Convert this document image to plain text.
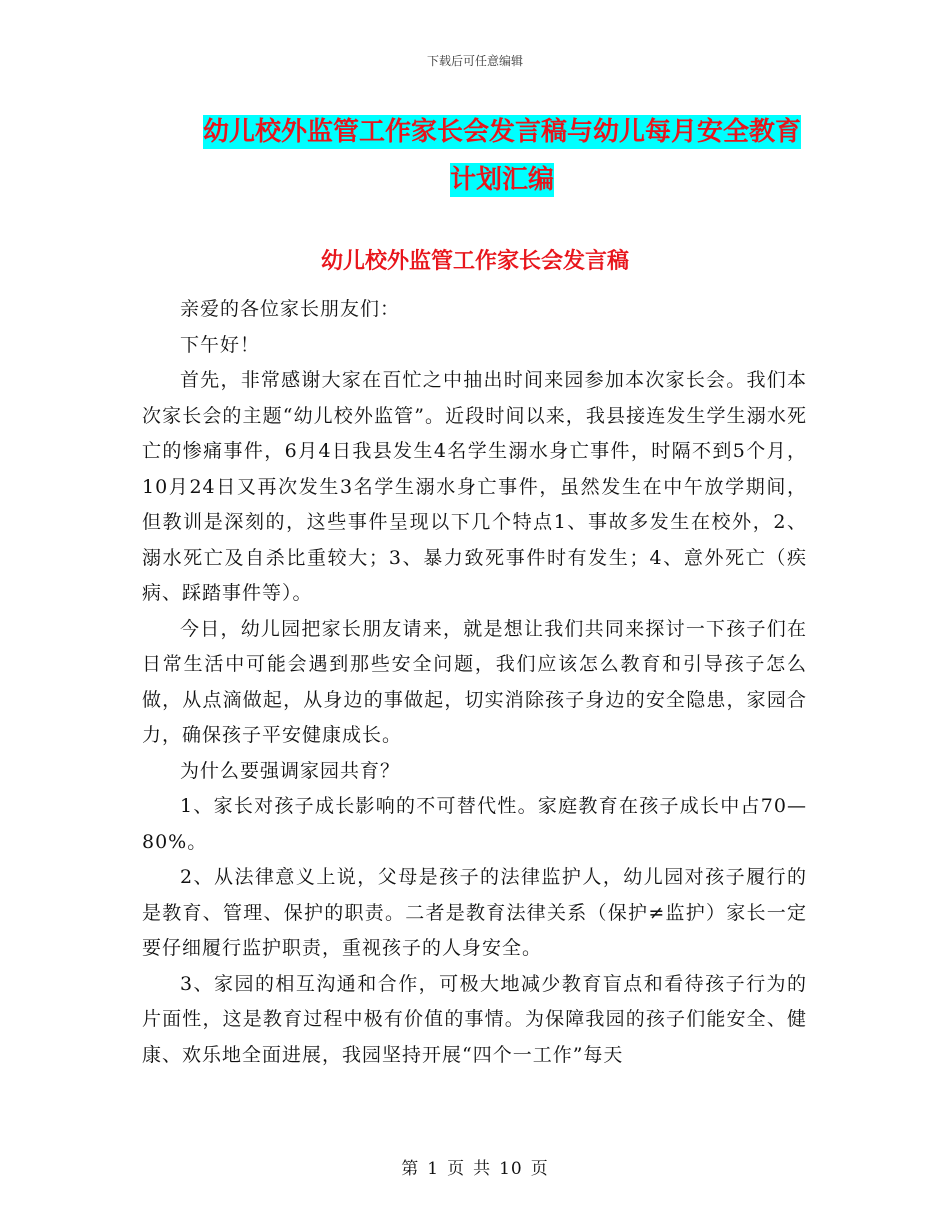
下载后可任意编辑
幼儿校外监管工作家长会发言稿与幼儿每月安全教育计划汇编
幼儿校外监管工作家长会发言稿

亲爱的各位家长朋友们：

下午好！

首先，非常感谢大家在百忙之中抽出时间来园参加本次家长会。我们本次家长会的主题“幼儿校外监管”。近段时间以来，我县接连发生学生溺水死亡的惨痛事件，6月4日我县发生4名学生溺水身亡事件，时隔不到5个月，10月24日又再次发生3名学生溺水身亡事件，虽然发生在中午放学期间，但教训是深刻的，这些事件呈现以下几个特点1、事故多发生在校外，2、溺水死亡及自杀比重较大；3、暴力致死事件时有发生；4、意外死亡（疾病、踩踏事件等）。

今日，幼儿园把家长朋友请来，就是想让我们共同来探讨一下孩子们在日常生活中可能会遇到那些安全问题，我们应该怎么教育和引导孩子怎么做，从点滴做起，从身边的事做起，切实消除孩子身边的安全隐患，家园合力，确保孩子平安健康成长。

为什么要强调家园共育？

1、家长对孩子成长影响的不可替代性。家庭教育在孩子成长中占70—80%。

2、从法律意义上说，父母是孩子的法律监护人，幼儿园对孩子履行的是教育、管理、保护的职责。二者是教育法律关系（保护≠监护）家长一定要仔细履行监护职责，重视孩子的人身安全。

3、家园的相互沟通和合作，可极大地减少教育盲点和看待孩子行为的片面性，这是教育过程中极有价值的事情。为保障我园的孩子们能安全、健康、欢乐地全面进展，我园坚持开展“四个一工作”每天

第 1 页 共 10 页
